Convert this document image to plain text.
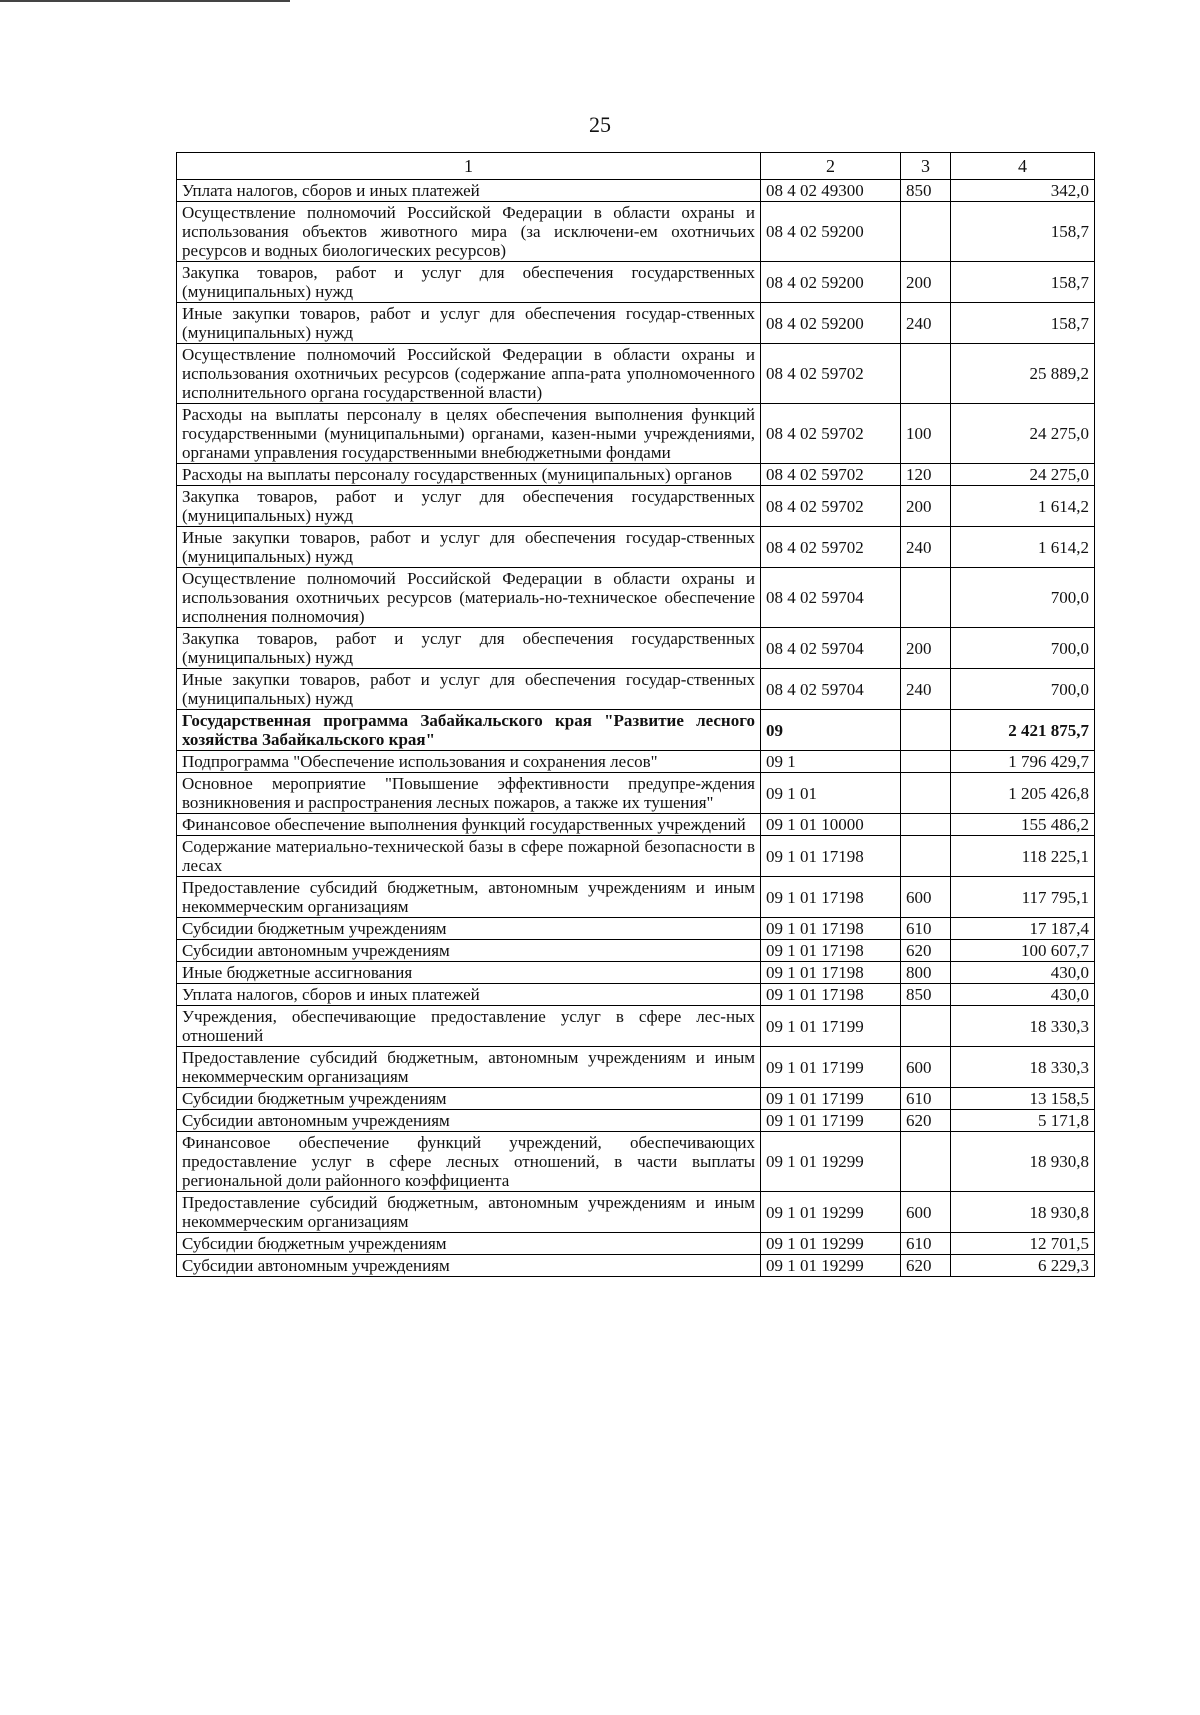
25
1	2	3	4
Уплата налогов, сборов и иных платежей	08 4 02 49300	850	342,0
Осуществление полномочий Российской Федерации в области охраны и использования объектов животного мира (за исключени-ем охотничьих ресурсов и водных биологических ресурсов)	08 4 02 59200		158,7
Закупка товаров, работ и услуг для обеспечения государственных (муниципальных) нужд	08 4 02 59200	200	158,7
Иные закупки товаров, работ и услуг для обеспечения государ-ственных (муниципальных) нужд	08 4 02 59200	240	158,7
Осуществление полномочий Российской Федерации в области охраны и использования охотничьих ресурсов (содержание аппа-рата уполномоченного исполнительного органа государственной власти)	08 4 02 59702		25 889,2
Расходы на выплаты персоналу в целях обеспечения выполнения функций государственными (муниципальными) органами, казен-ными учреждениями, органами управления государственными внебюджетными фондами	08 4 02 59702	100	24 275,0
Расходы на выплаты персоналу государственных (муниципальных) органов	08 4 02 59702	120	24 275,0
Закупка товаров, работ и услуг для обеспечения государственных (муниципальных) нужд	08 4 02 59702	200	1 614,2
Иные закупки товаров, работ и услуг для обеспечения государ-ственных (муниципальных) нужд	08 4 02 59702	240	1 614,2
Осуществление полномочий Российской Федерации в области охраны и использования охотничьих ресурсов (материаль-но-техническое обеспечение исполнения полномочия)	08 4 02 59704		700,0
Закупка товаров, работ и услуг для обеспечения государственных (муниципальных) нужд	08 4 02 59704	200	700,0
Иные закупки товаров, работ и услуг для обеспечения государ-ственных (муниципальных) нужд	08 4 02 59704	240	700,0
Государственная программа Забайкальского края "Развитие лесного хозяйства Забайкальского края"	09		2 421 875,7
Подпрограмма "Обеспечение использования и сохранения лесов"	09 1		1 796 429,7
Основное мероприятие "Повышение эффективности предупре-ждения возникновения и распространения лесных пожаров, а также их тушения"	09 1 01		1 205 426,8
Финансовое обеспечение выполнения функций государственных учреждений	09 1 01 10000		155 486,2
Содержание материально-технической базы в сфере пожарной безопасности в лесах	09 1 01 17198		118 225,1
Предоставление субсидий бюджетным, автономным учреждениям и иным некоммерческим организациям	09 1 01 17198	600	117 795,1
Субсидии бюджетным учреждениям	09 1 01 17198	610	17 187,4
Субсидии автономным учреждениям	09 1 01 17198	620	100 607,7
Иные бюджетные ассигнования	09 1 01 17198	800	430,0
Уплата налогов, сборов и иных платежей	09 1 01 17198	850	430,0
Учреждения, обеспечивающие предоставление услуг в сфере лес-ных отношений	09 1 01 17199		18 330,3
Предоставление субсидий бюджетным, автономным учреждениям и иным некоммерческим организациям	09 1 01 17199	600	18 330,3
Субсидии бюджетным учреждениям	09 1 01 17199	610	13 158,5
Субсидии автономным учреждениям	09 1 01 17199	620	5 171,8
Финансовое обеспечение функций учреждений, обеспечивающих предоставление услуг в сфере лесных отношений, в части выплаты региональной доли районного коэффициента	09 1 01 19299		18 930,8
Предоставление субсидий бюджетным, автономным учреждениям и иным некоммерческим организациям	09 1 01 19299	600	18 930,8
Субсидии бюджетным учреждениям	09 1 01 19299	610	12 701,5
Субсидии автономным учреждениям	09 1 01 19299	620	6 229,3
